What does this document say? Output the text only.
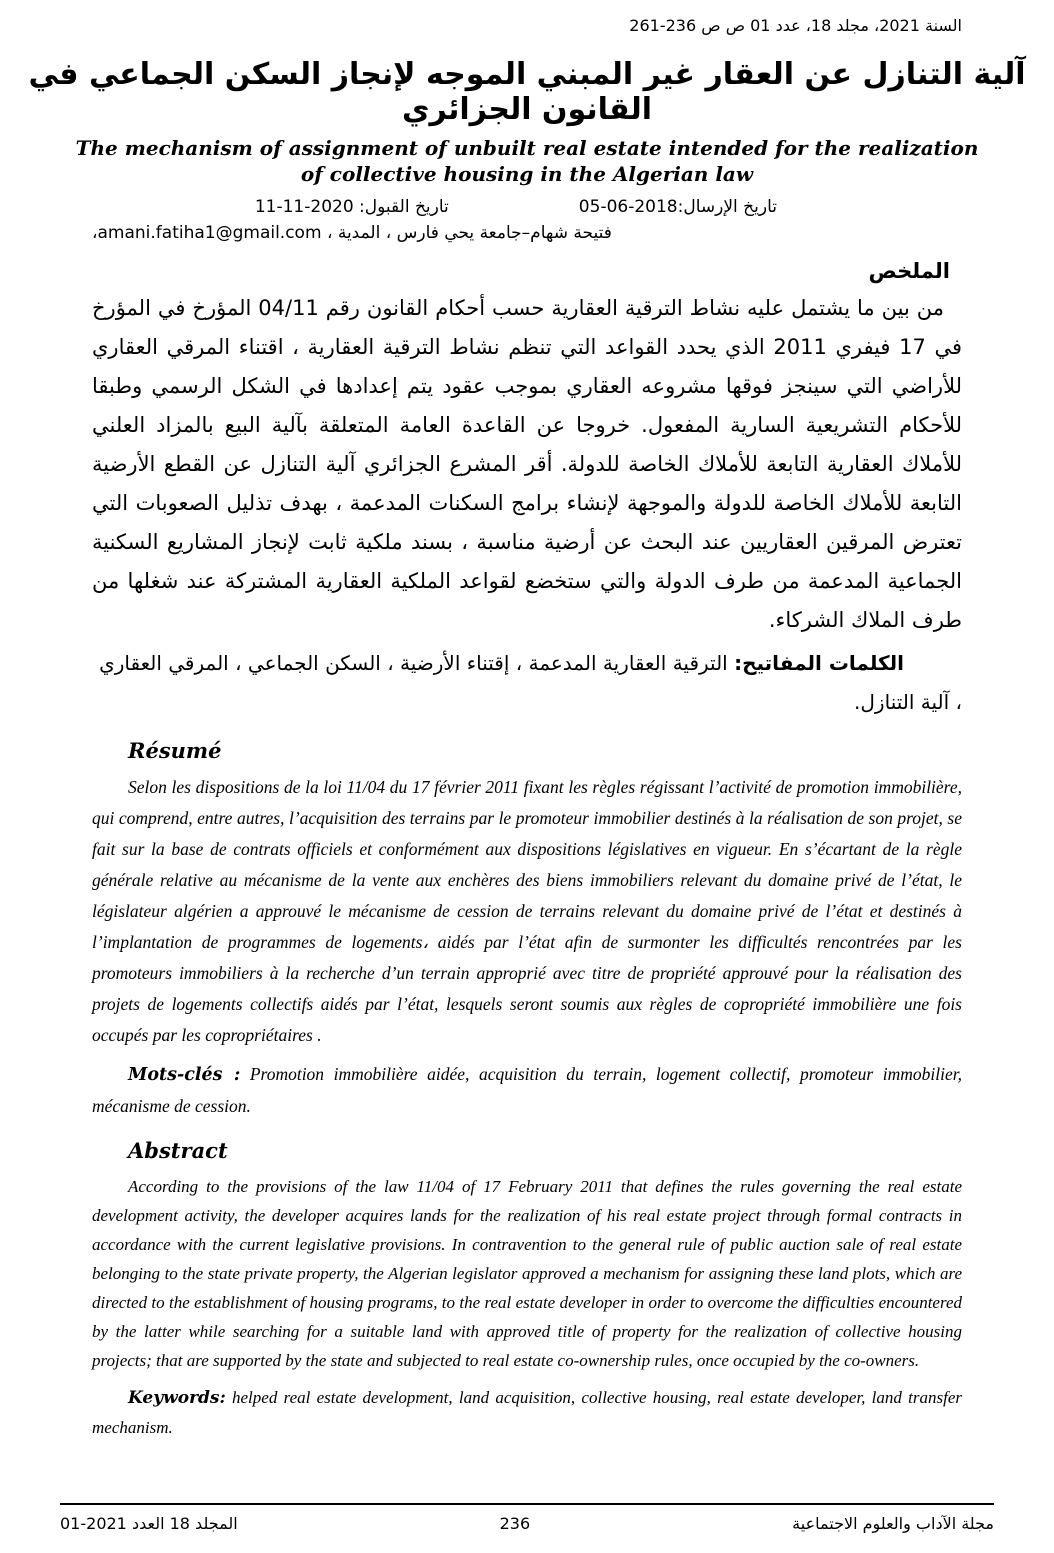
السنة 2021، مجلد 18، عدد 01 ص ص 236-261
آلية التنازل عن العقار غير المبني الموجه لإنجاز السكن الجماعي في القانون الجزائري
The mechanism of assignment of unbuilt real estate intended for the realization of collective housing in the Algerian law
تاريخ الإرسال:2018-06-05
تاريخ القبول: 2020-11-11
فتيحة شهام–جامعة يحي فارس ، المدية ، amani.fatiha1@gmail.com،
الملخص

من بين ما يشتمل عليه نشاط الترقية العقارية حسب أحكام القانون رقم 04/11 المؤرخ في المؤرخ في 17 فيفري 2011 الذي يحدد القواعد التي تنظم نشاط الترقية العقارية ، اقتناء المرقي العقاري للأراضي التي سينجز فوقها مشروعه العقاري بموجب عقود يتم إعدادها في الشكل الرسمي وطبقا للأحكام التشريعية السارية المفعول. خروجا عن القاعدة العامة المتعلقة بآلية البيع بالمزاد العلني للأملاك العقارية التابعة للأملاك الخاصة للدولة. أقر المشرع الجزائري آلية التنازل عن القطع الأرضية التابعة للأملاك الخاصة للدولة والموجهة لإنشاء برامج السكنات المدعمة ، بهدف تذليل الصعوبات التي تعترض المرقين العقاريين عند البحث عن أرضية مناسبة ، بسند ملكية ثابت لإنجاز المشاريع السكنية الجماعية المدعمة من طرف الدولة والتي ستخضع لقواعد الملكية العقارية المشتركة عند شغلها من طرف الملاك الشركاء.

الكلمات المفاتيح: الترقية العقارية المدعمة ، إقتناء الأرضية ، السكن الجماعي ، المرقي العقاري ، آلية التنازل.

Résumé

Selon les dispositions de la loi 11/04 du 17 février 2011 fixant les règles régissant l’activité de promotion immobilière, qui comprend, entre autres, l’acquisition des terrains par le promoteur immobilier destinés à la réalisation de son projet, se fait sur la base de contrats officiels et conformément aux dispositions législatives en vigueur. En s’écartant de la règle générale relative au mécanisme de la vente aux enchères des biens immobiliers relevant du domaine privé de l’état, le législateur algérien a approuvé le mécanisme de cession de terrains relevant du domaine privé de l’état et destinés à l’implantation de programmes de logements، aidés par l’état afin de surmonter les difficultés rencontrées par les promoteurs immobiliers à la recherche d’un terrain approprié avec titre de propriété approuvé pour la réalisation des projets de logements collectifs aidés par l’état, lesquels seront soumis aux règles de copropriété immobilière une fois occupés par les copropriétaires .

Mots-clés : Promotion immobilière aidée, acquisition du terrain, logement collectif, promoteur immobilier, mécanisme de cession.

Abstract

According to the provisions of the law 11/04 of 17 February 2011 that defines the rules governing the real estate development activity, the developer acquires lands for the realization of his real estate project through formal contracts in accordance with the current legislative provisions. In contravention to the general rule of public auction sale of real estate belonging to the state private property, the Algerian legislator approved a mechanism for assigning these land plots, which are directed to the establishment of housing programs, to the real estate developer in order to overcome the difficulties encountered by the latter while searching for a suitable land with approved title of property for the realization of collective housing projects; that are supported by the state and subjected to real estate co-ownership rules, once occupied by the co-owners.

Keywords: helped real estate development, land acquisition, collective housing, real estate developer, land transfer mechanism.

المجلد 18 العدد 2021-01	236	مجلة الآداب والعلوم الاجتماعية
